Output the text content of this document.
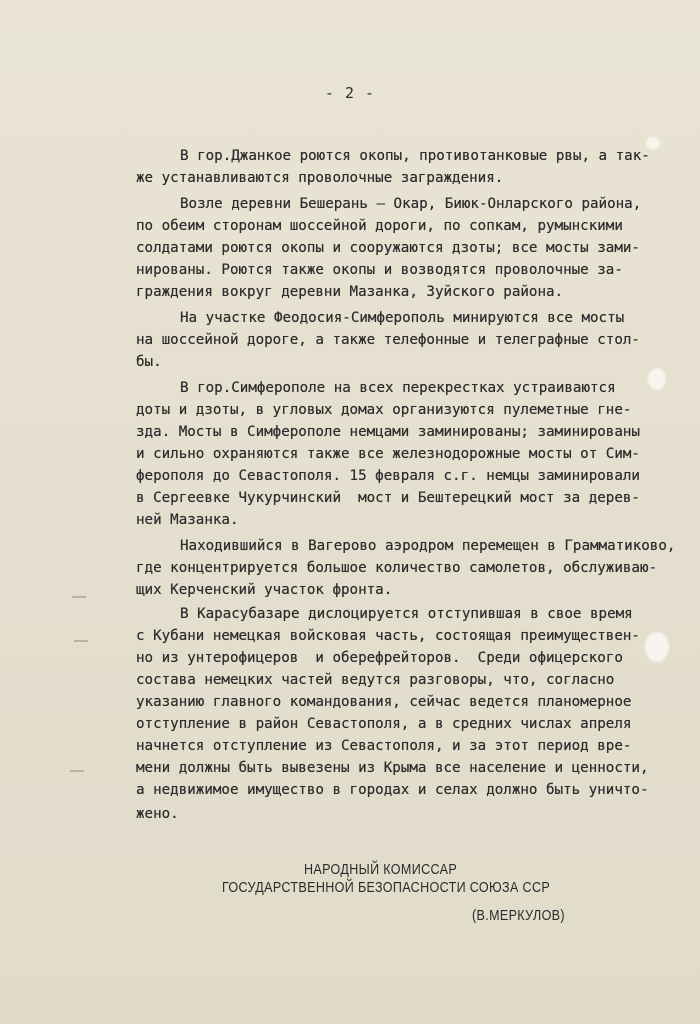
- 2 -
В гор.Джанкое роются окопы, противотанковые рвы, а так-
же устанавливаются проволочные заграждения.
Возле деревни Бешерань – Окар, Биюк-Онларского района,
по обеим сторонам шоссейной дороги, по сопкам, румынскими
солдатами роются окопы и сооружаются дзоты; все мосты зами-
нированы. Роются также окопы и возводятся проволочные за-
граждения вокруг деревни Мазанка, Зуйского района.
На участке Феодосия-Симферополь минируются все мосты
на шоссейной дороге, а также телефонные и телеграфные стол-
бы.
В гор.Симферополе на всех перекрестках устраиваются
доты и дзоты, в угловых домах организуются пулеметные гне-
зда. Мосты в Симферополе немцами заминированы; заминированы
и сильно охраняются также все железнодорожные мосты от Сим-
ферополя до Севастополя. 15 февраля с.г. немцы заминировали
в Сергеевке Чукурчинский  мост и Бештерецкий мост за дерев-
ней Мазанка.
Находившийся в Вагерово аэродром перемещен в Грамматиково,
где концентрируется большое количество самолетов, обслуживаю-
щих Керченский участок фронта.
В Карасубазаре дислоцируется отступившая в свое время
с Кубани немецкая войсковая часть, состоящая преимуществен-
но из унтерофицеров  и оберефрейторов.  Среди офицерского
состава немецких частей ведутся разговоры, что, согласно
указанию главного командования, сейчас ведется планомерное
отступление в район Севастополя, а в средних числах апреля
начнется отступление из Севастополя, и за этот период вре-
мени должны быть вывезены из Крыма все население и ценности,
а недвижимое имущество в городах и селах должно быть уничто-
жено.
НАРОДНЫЙ КОМИССАР
ГОСУДАРСТВЕННОЙ БЕЗОПАСНОСТИ СОЮЗА ССР
(В.МЕРКУЛОВ)
